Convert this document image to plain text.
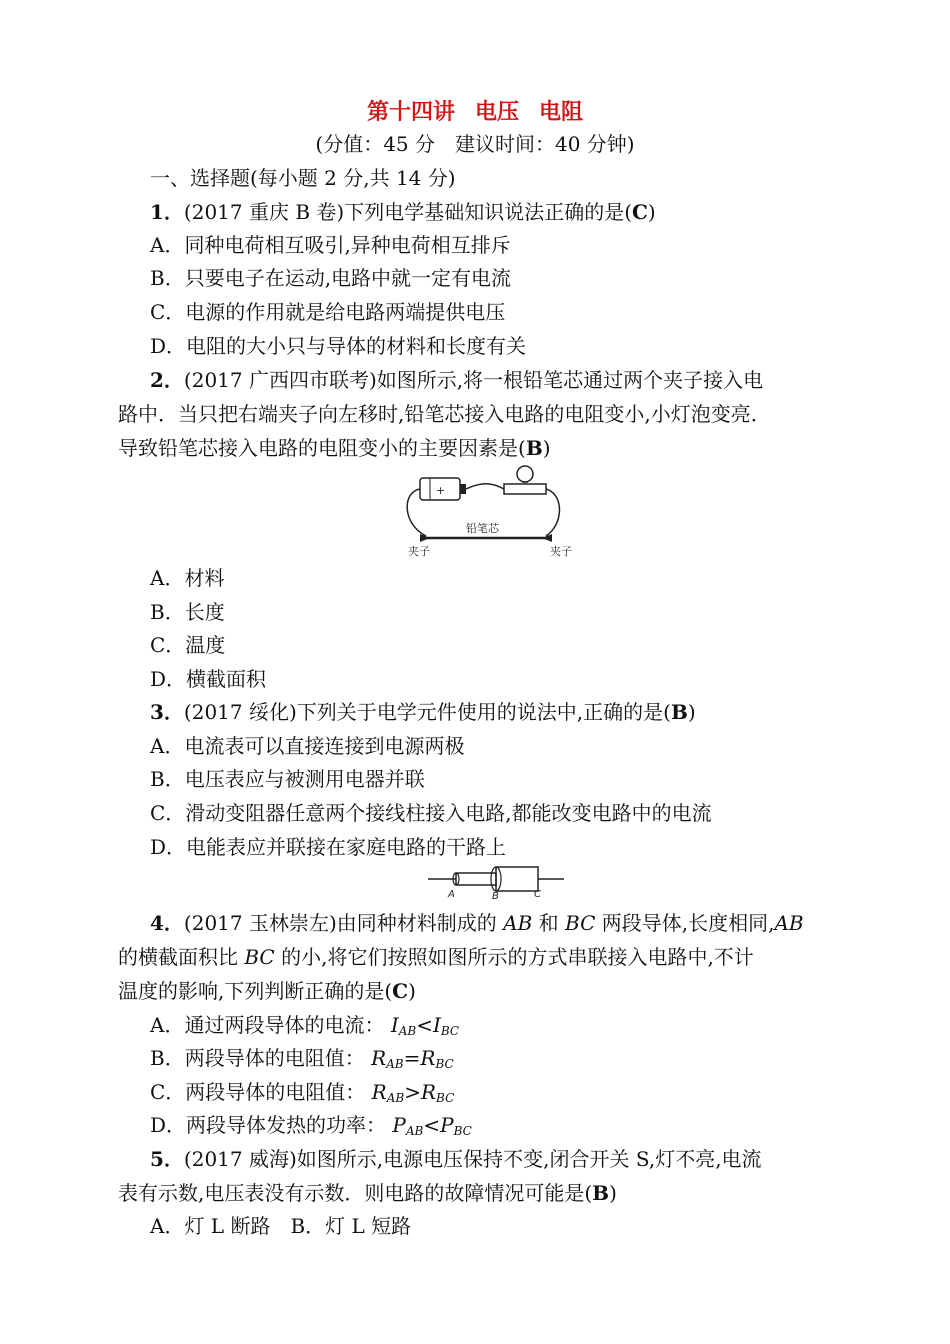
第十四讲 电压 电阻
(分值：45 分　建议时间：40 分钟)
一、选择题(每小题 2 分,共 14 分)
1．(2017 重庆 B 卷)下列电学基础知识说法正确的是(C)
A．同种电荷相互吸引,异种电荷相互排斥
B．只要电子在运动,电路中就一定有电流
C．电源的作用就是给电路两端提供电压
D．电阻的大小只与导体的材料和长度有关
2．(2017 广西四市联考)如图所示,将一根铅笔芯通过两个夹子接入电
路中．当只把右端夹子向左移时,铅笔芯接入电路的电阻变小,小灯泡变亮．
导致铅笔芯接入电路的电阻变小的主要因素是(B)
+
铅笔芯
夹子	夹子
A．材料
B．长度
C．温度
D．横截面积
3．(2017 绥化)下列关于电学元件使用的说法中,正确的是(B)
A．电流表可以直接连接到电源两极
B．电压表应与被测用电器并联
C．滑动变阻器任意两个接线柱接入电路,都能改变电路中的电流
D．电能表应并联接在家庭电路的干路上
A	B	C
4．(2017 玉林崇左)由同种材料制成的 AB 和 BC 两段导体,长度相同,AB
的横截面积比 BC 的小,将它们按照如图所示的方式串联接入电路中,不计
温度的影响,下列判断正确的是(C)
A．通过两段导体的电流： $I_{AB}<I_{BC}$
B．两段导体的电阻值： $R_{AB}=R_{BC}$
C．两段导体的电阻值： $R_{AB}>R_{BC}$
D．两段导体发热的功率： $P_{AB}<P_{BC}$
5．(2017 威海)如图所示,电源电压保持不变,闭合开关 S,灯不亮,电流
表有示数,电压表没有示数．则电路的故障情况可能是(B)
A．灯 L 断路　B．灯 L 短路
